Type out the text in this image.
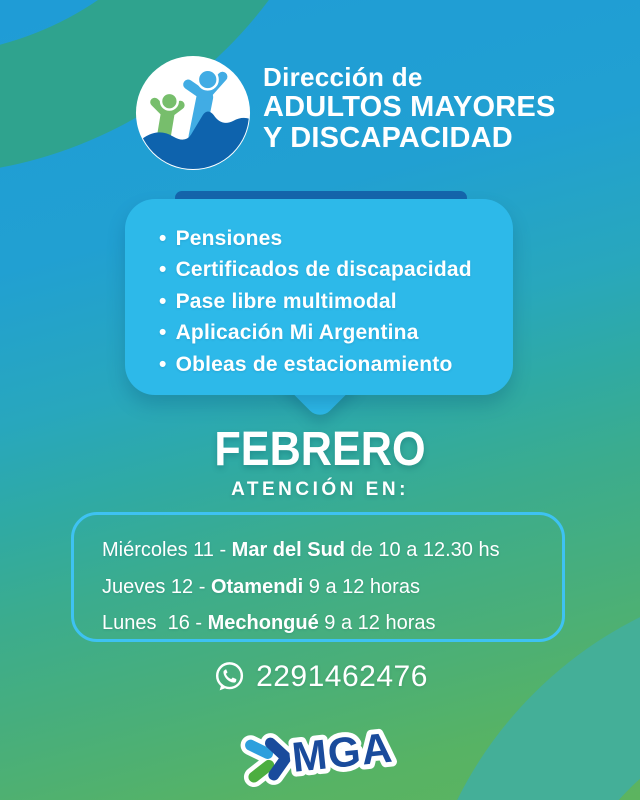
Dirección de
ADULTOS MAYORES
Y DISCAPACIDAD
• Pensiones
• Certificados de discapacidad
• Pase libre multimodal
• Aplicación Mi Argentina
• Obleas de estacionamiento
FEBRERO
ATENCIÓN EN:
Miércoles 11 - Mar del Sud de 10 a 12.30 hs
Jueves 12 - Otamendi 9 a 12 horas
Lunes  16 - Mechongué 9 a 12 horas
2291462476
MGA
